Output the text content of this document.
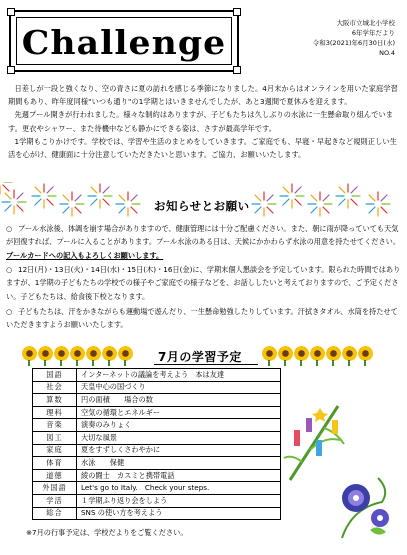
Challenge	大阪市立城北小学校
6年学年だより
令和3(2021)年6月30日(水)
NO.4

日差しが一段と強くなり、空の青さに夏の訪れを感じる季節になりました。4月末からはオンラインを用いた家庭学習期間もあり、昨年度同様"いつも通り"の1学期とはいきませんでしたが、あと3週間で夏休みを迎えます。

先週プール開きが行われました。様々な制約はありますが、子どもたちは久しぶりの水泳に一生懸命取り組んでいます。更衣やシャワー、また待機中なども静かにできる姿は、さすが最高学年です。

1学期もこりかけです。学校では、学習や生活のまとめをしていきます。ご家庭でも、早寝・早起きなど規則正しい生活を心がけ、健康面に十分注意していただきたいと思います。ご協力、お願いいたします。

お知らせとお願い
○ プール水泳後、体調を崩す場合がありますので、健康管理には十分ご配慮ください。また、朝に雨が降っていても天気が回復すれば、プールに入ることがあります。プール水泳のある日は、天候にかかわらず水泳の用意を持たせてください。プールカードへの記入もよろしくお願いします。
○ 12日(月)・13日(火)・14日(水)・15日(木)・16日(金)に、学期末個人懇談会を予定しています。限られた時間ではありますが、1学期の子どもたちの学校での様子やご家庭での様子などを、お話ししたいと考えておりますので、ご予定ください。子どもたちは、給食後下校となります。
○ 子どもたちは、汗をかきながらも運動場で遊んだり、一生懸命勉強したりしています。汗拭きタオル、水筒を持たせていただきますようお願いいたします。
7月の学習予定
国語	インターネットの議論を考えよう　本は友達
社会	天皇中心の国づくり
算数	円の面積　　場合の数
理科	空気の循環とエネルギー
音楽	演奏のみりょく
図工	大切な風景
家庭	夏をすずしくさわやかに
体育	水泳　　保健
道徳	綾の闘士　カスミと携帯電話
外国語	Let's go to Italy.　Check your steps.
学活	１学期ふり返り会をしよう
総合	SNS の使い方を考えよう
※7月の行事予定は、学校だよりをご覧ください。
